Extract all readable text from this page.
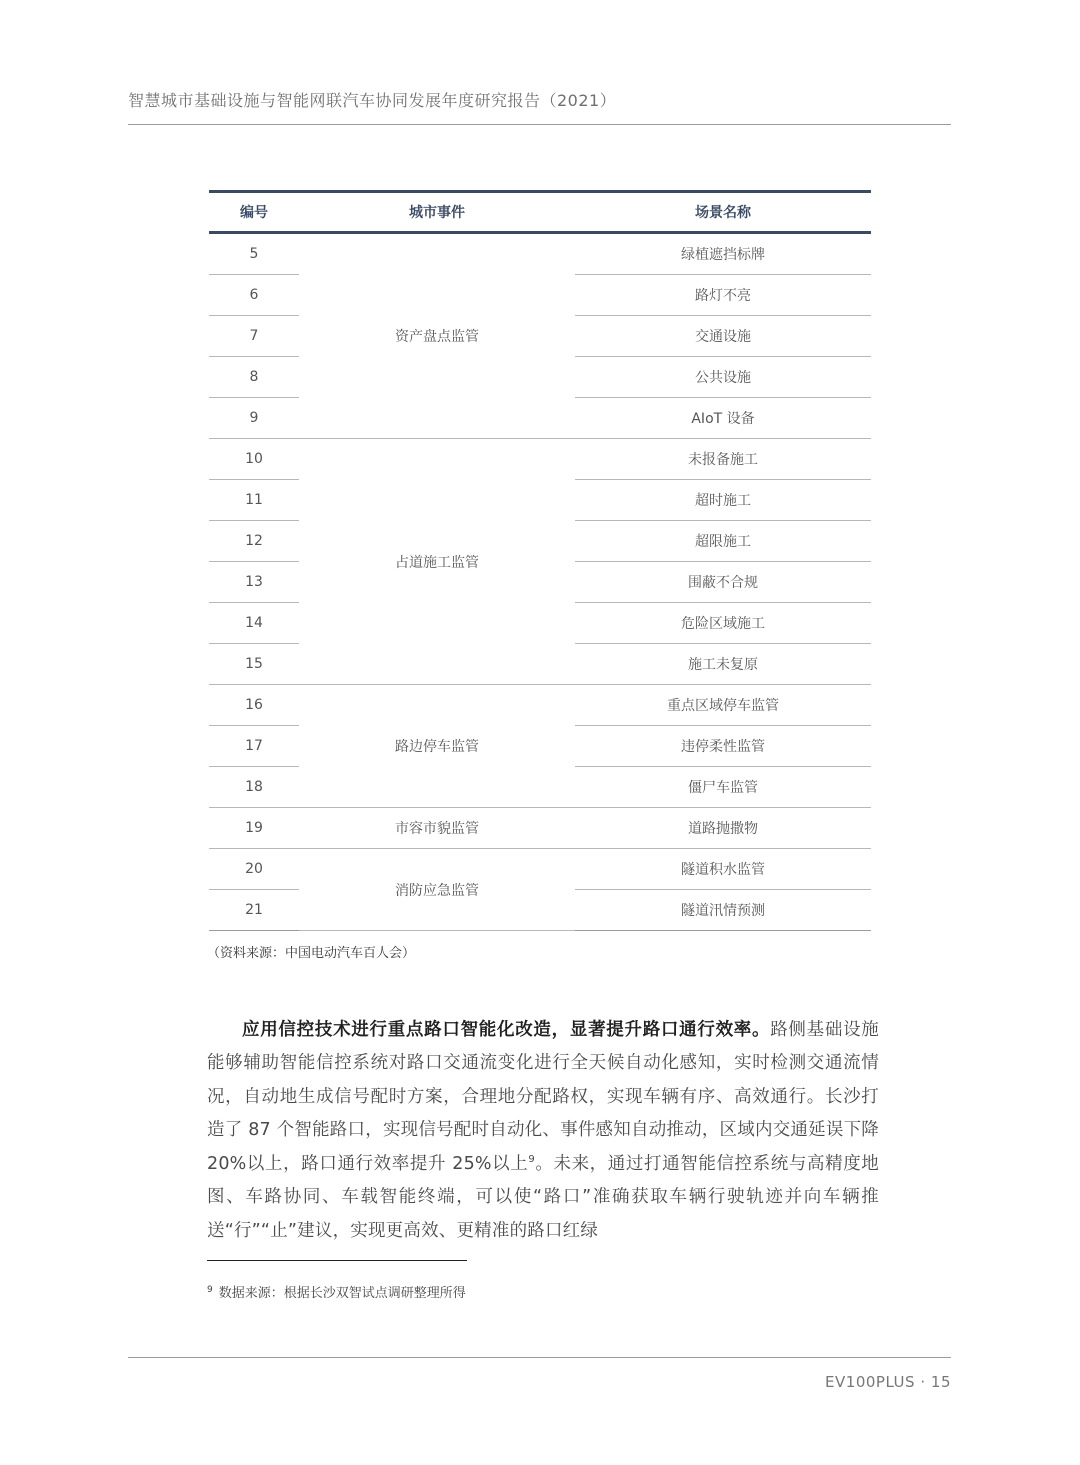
智慧城市基础设施与智能网联汽车协同发展年度研究报告（2021）
编号	城市事件	场景名称
5	资产盘点监管	绿植遮挡标牌
6		路灯不亮
7		交通设施
8		公共设施
9		AIoT 设备
10	占道施工监管	未报备施工
11		超时施工
12		超限施工
13		围蔽不合规
14		危险区域施工
15		施工未复原
16	路边停车监管	重点区域停车监管
17		违停柔性监管
18		僵尸车监管
19	市容市貌监管	道路抛撒物
20	消防应急监管	隧道积水监管
21		隧道汛情预测
（资料来源：中国电动汽车百人会）

应用信控技术进行重点路口智能化改造，显著提升路口通行效率。路侧基础设施能够辅助智能信控系统对路口交通流变化进行全天候自动化感知，实时检测交通流情况，自动地生成信号配时方案，合理地分配路权，实现车辆有序、高效通行。长沙打造了 87 个智能路口，实现信号配时自动化、事件感知自动推动，区域内交通延误下降 20%以上，路口通行效率提升 25%以上$^9$。未来，通过打通智能信控系统与高精度地图、车路协同、车载智能终端，可以使“路口”准确获取车辆行驶轨迹并向车辆推送“行”“止”建议，实现更高效、更精准的路口红绿

$^9$ 数据来源：根据长沙双智试点调研整理所得
EV100PLUS · 15
